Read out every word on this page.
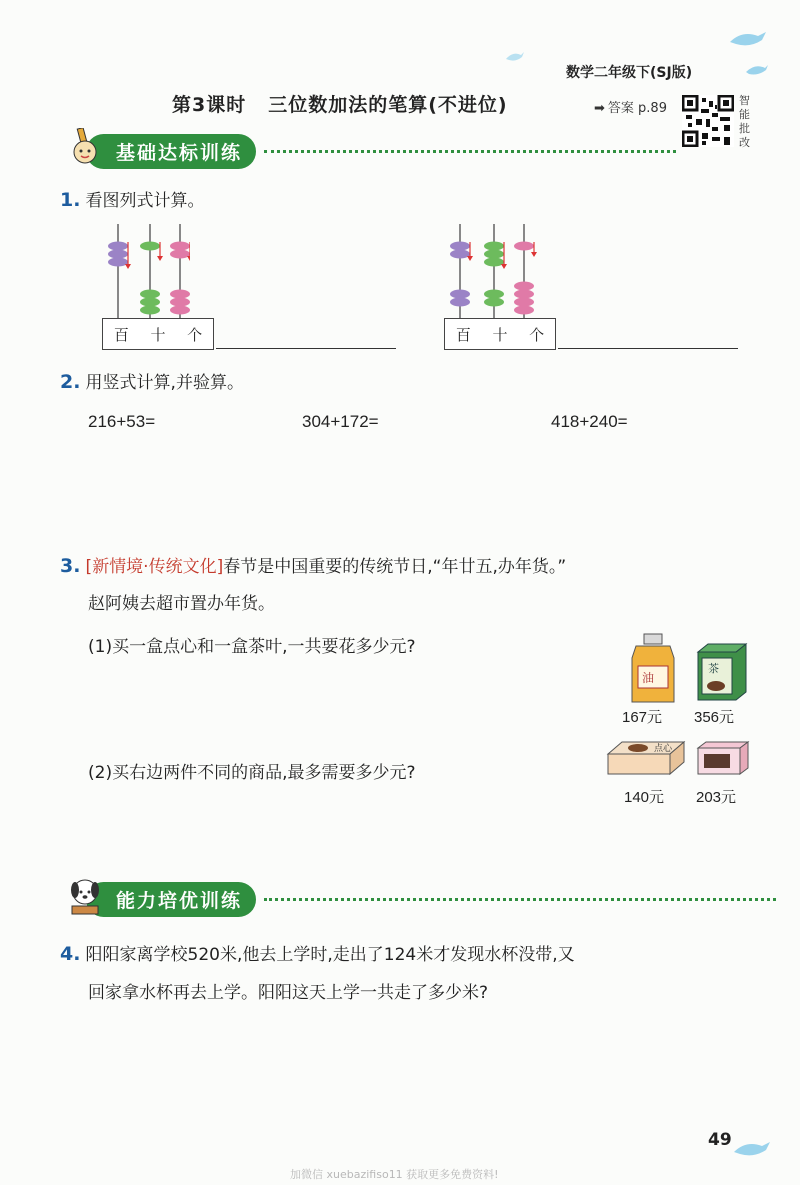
数学二年级下(SJ版)
第3课时 三位数加法的笔算(不进位)	➡ 答案 p.89
智能批改
基础达标训练
1. 看图列式计算。
百 十 个	百 十 个
2. 用竖式计算,并验算。
216+53=	304+172=	418+240=
3. [新情境·传统文化]春节是中国重要的传统节日,“年廿五,办年货。”
赵阿姨去超市置办年货。
(1)买一盒点心和一盒茶叶,一共要花多少元?
(2)买右边两件不同的商品,最多需要多少元?
油
茶
167元 356元
点心
140元 203元
能力培优训练
4. 阳阳家离学校520米,他去上学时,走出了124米才发现水杯没带,又
回家拿水杯再去上学。阳阳这天上学一共走了多少米?
49
加微信 xuebazifiso11 获取更多免费资料!
